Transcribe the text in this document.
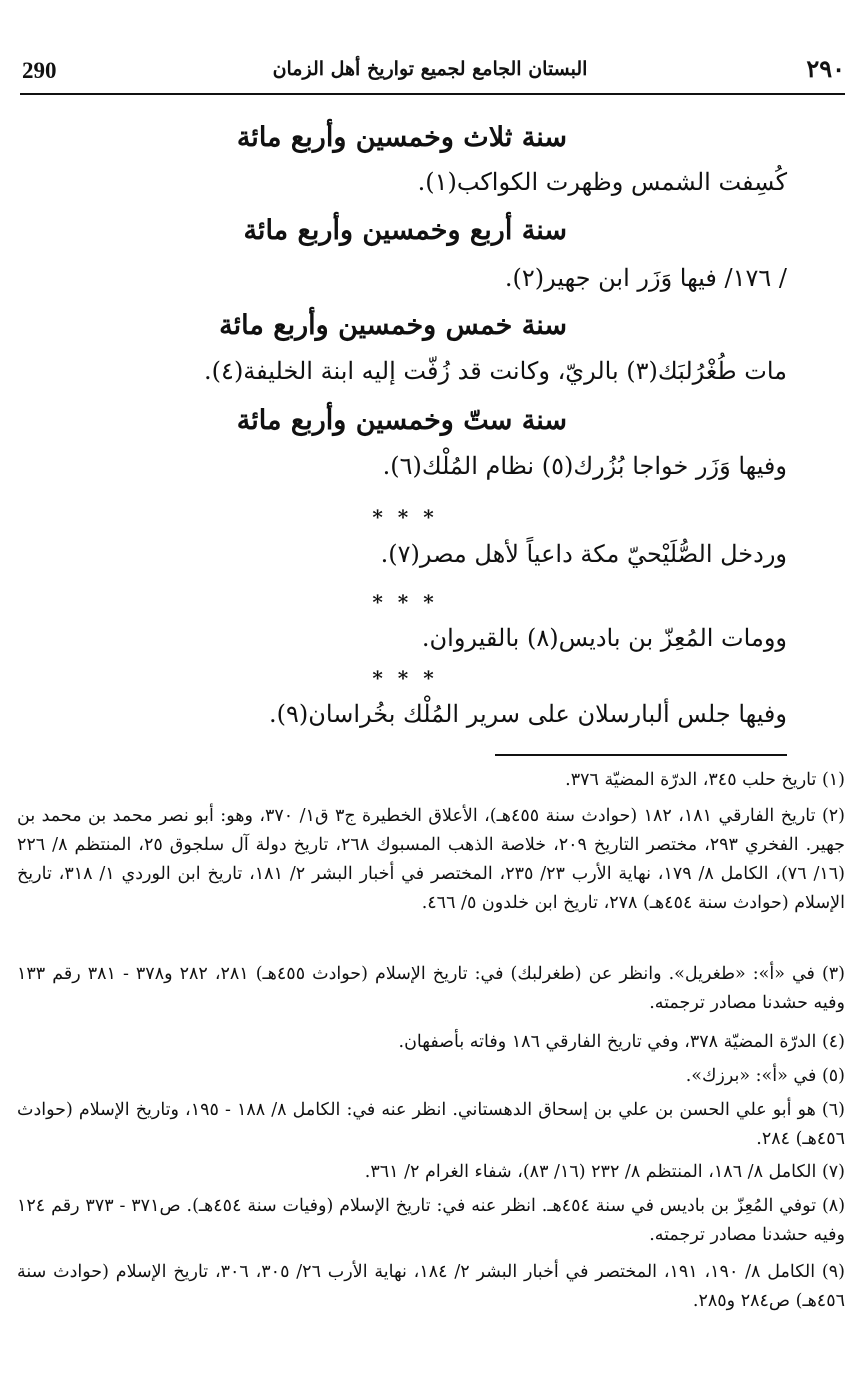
290	البستان الجامع لجميع تواريخ أهل الزمان	٢٩٠
سنة ثلاث وخمسين وأربع مائة
كُسِفت الشمس وظهرت الكواكب(١).
سنة أربع وخمسين وأربع مائة
/ ١٧٦/ فيها وَزَر ابن جهير(٢).
سنة خمس وخمسين وأربع مائة
مات طُغْرُلبَك(٣) بالريّ، وكانت قد زُفّت إليه ابنة الخليفة(٤).
سنة ستّ وخمسين وأربع مائة
وفيها وَزَر خواجا بُزُرك(٥) نظام المُلْك(٦).
* * *
وردخل الصُّلَيْحيّ مكة داعياً لأهل مصر(٧).
* * *
وومات المُعِزّ بن باديس(٨) بالقيروان.
* * *
وفيها جلس ألبارسلان على سرير المُلْك بخُراسان(٩).
(١) تاريخ حلب ٣٤٥، الدرّة المضيّة ٣٧٦.
(٢) تاريخ الفارقي ١٨١، ١٨٢ (حوادث سنة ٤٥٥هـ)، الأعلاق الخطيرة ج٣ ق١/ ٣٧٠، وهو: أبو نصر محمد بن محمد بن جهير. الفخري ٢٩٣، مختصر التاريخ ٢٠٩، خلاصة الذهب المسبوك ٢٦٨، تاريخ دولة آل سلجوق ٢٥، المنتظم ٨/ ٢٢٦ (١٦/ ٧٦)، الكامل ٨/ ١٧٩، نهاية الأرب ٢٣/ ٢٣٥، المختصر في أخبار البشر ٢/ ١٨١، تاريخ ابن الوردي ١/ ٣١٨، تاريخ الإسلام (حوادث سنة ٤٥٤هـ) ٢٧٨، تاريخ ابن خلدون ٥/ ٤٦٦.
(٣) في «أ»: «طغريل». وانظر عن (طغرلبك) في: تاريخ الإسلام (حوادث ٤٥٥هـ) ٢٨١، ٢٨٢ و٣٧٨ - ٣٨١ رقم ١٣٣ وفيه حشدنا مصادر ترجمته.
(٤) الدرّة المضيّة ٣٧٨، وفي تاريخ الفارقي ١٨٦ وفاته بأصفهان.
(٥) في «أ»: «برزك».
(٦) هو أبو علي الحسن بن علي بن إسحاق الدهستاني. انظر عنه في: الكامل ٨/ ١٨٨ - ١٩٥، وتاريخ الإسلام (حوادث ٤٥٦هـ) ٢٨٤.
(٧) الكامل ٨/ ١٨٦، المنتظم ٨/ ٢٣٢ (١٦/ ٨٣)، شفاء الغرام ٢/ ٣٦١.
(٨) توفي المُعِزّ بن باديس في سنة ٤٥٤هـ. انظر عنه في: تاريخ الإسلام (وفيات سنة ٤٥٤هـ). ص٣٧١ - ٣٧٣ رقم ١٢٤ وفيه حشدنا مصادر ترجمته.
(٩) الكامل ٨/ ١٩٠، ١٩١، المختصر في أخبار البشر ٢/ ١٨٤، نهاية الأرب ٢٦/ ٣٠٥، ٣٠٦، تاريخ الإسلام (حوادث سنة ٤٥٦هـ) ص٢٨٤ و٢٨٥.
